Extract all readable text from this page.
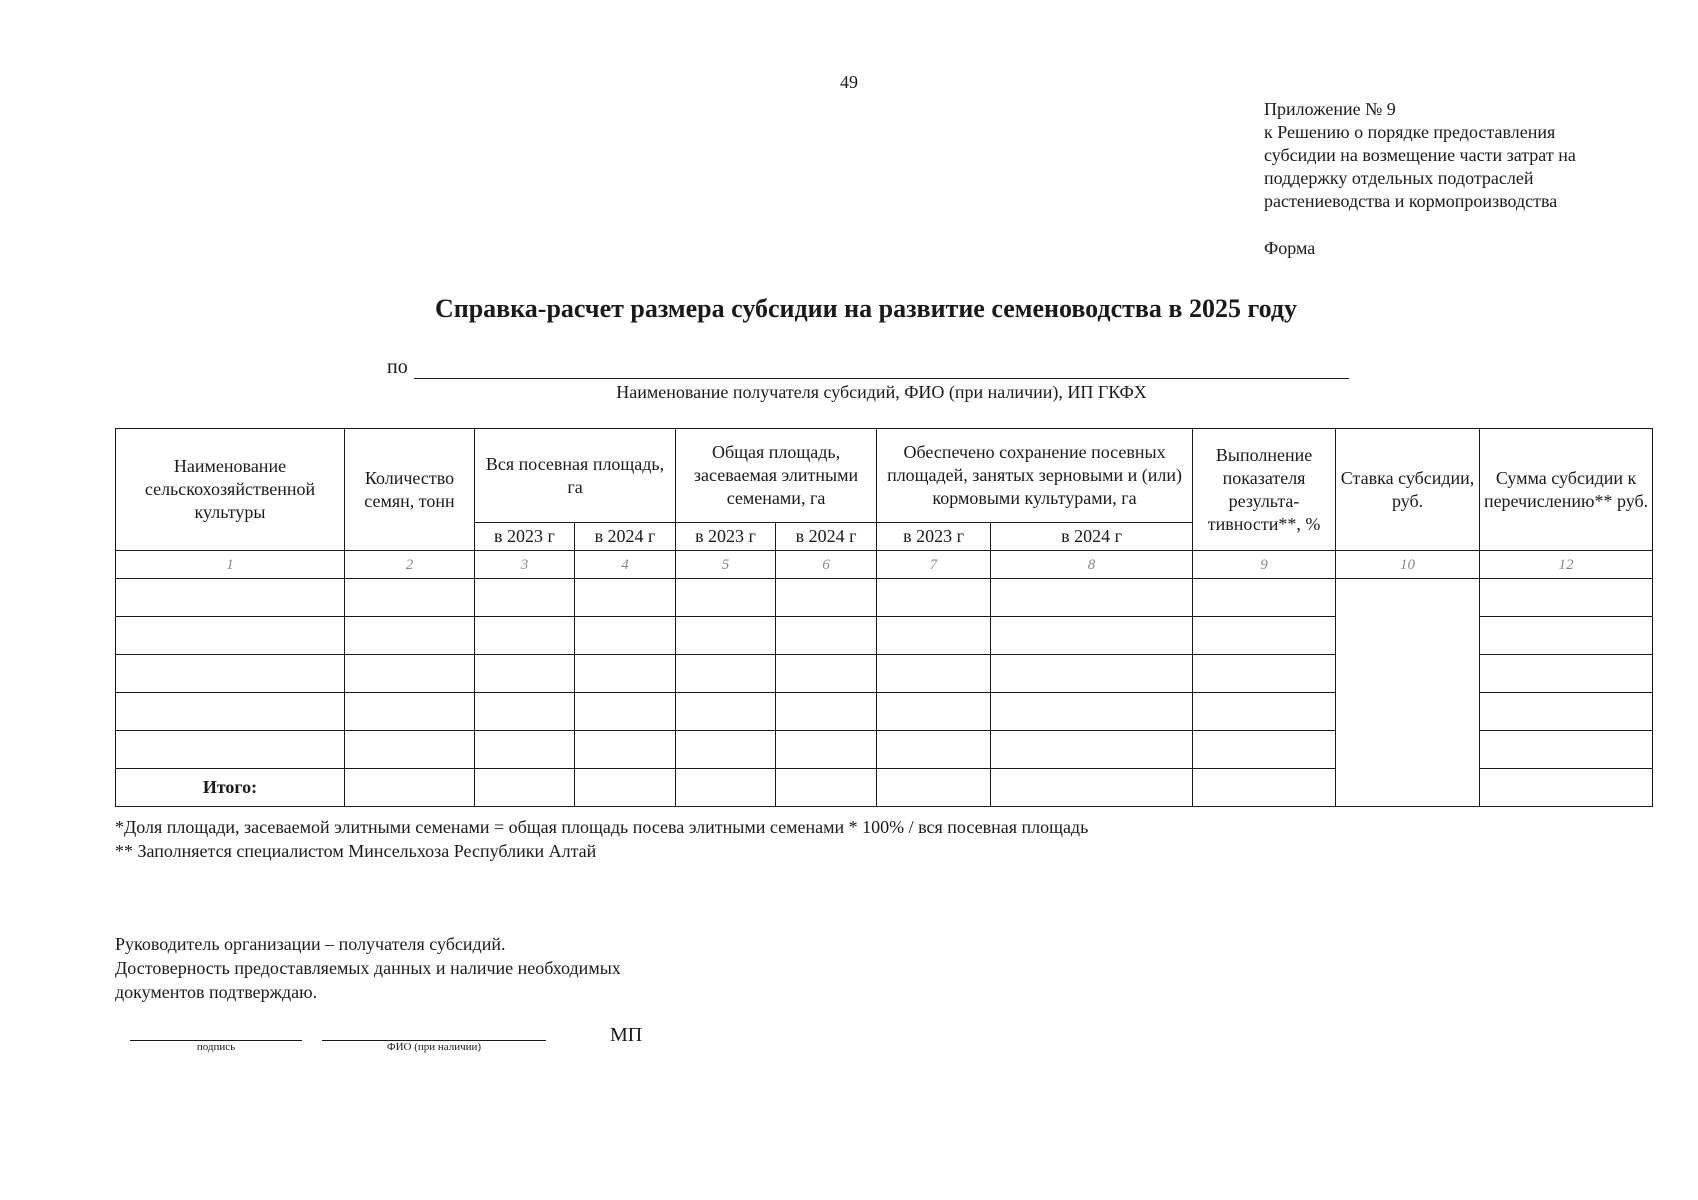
49
Приложение № 9
к Решению о порядке предоставления
субсидии на возмещение части затрат на
поддержку отдельных подотраслей
растениеводства и кормопроизводства
Форма
Справка-расчет размера субсидии на развитие семеноводства в 2025 году
по
Наименование получателя субсидий, ФИО (при наличии), ИП ГКФХ
Наименование сельскохозяйственной культуры	Количество семян, тонн	Вся посевная площадь, га		Общая площадь, засеваемая элитными семенами, га		Обеспечено сохранение посевных площадей, занятых зерновыми и (или) кормовыми культурами, га		Выполнение показателя результа-тивности**, %	Ставка субсидии, руб.	Сумма субсидии к перечислению** руб.
		в 2023 г	в 2024 г	в 2023 г	в 2024 г	в 2023 г	в 2024 г			
1	2	3	4	5	6	7	8	9	10	12

Итого:										
*Доля площади, засеваемой элитными семенами = общая площадь посева элитными семенами * 100% / вся посевная площадь
** Заполняется специалистом Минсельхоза Республики Алтай
Руководитель организации – получателя субсидий.
Достоверность предоставляемых данных и наличие необходимых
документов подтверждаю.
подпись	ФИО (при наличии)
МП
